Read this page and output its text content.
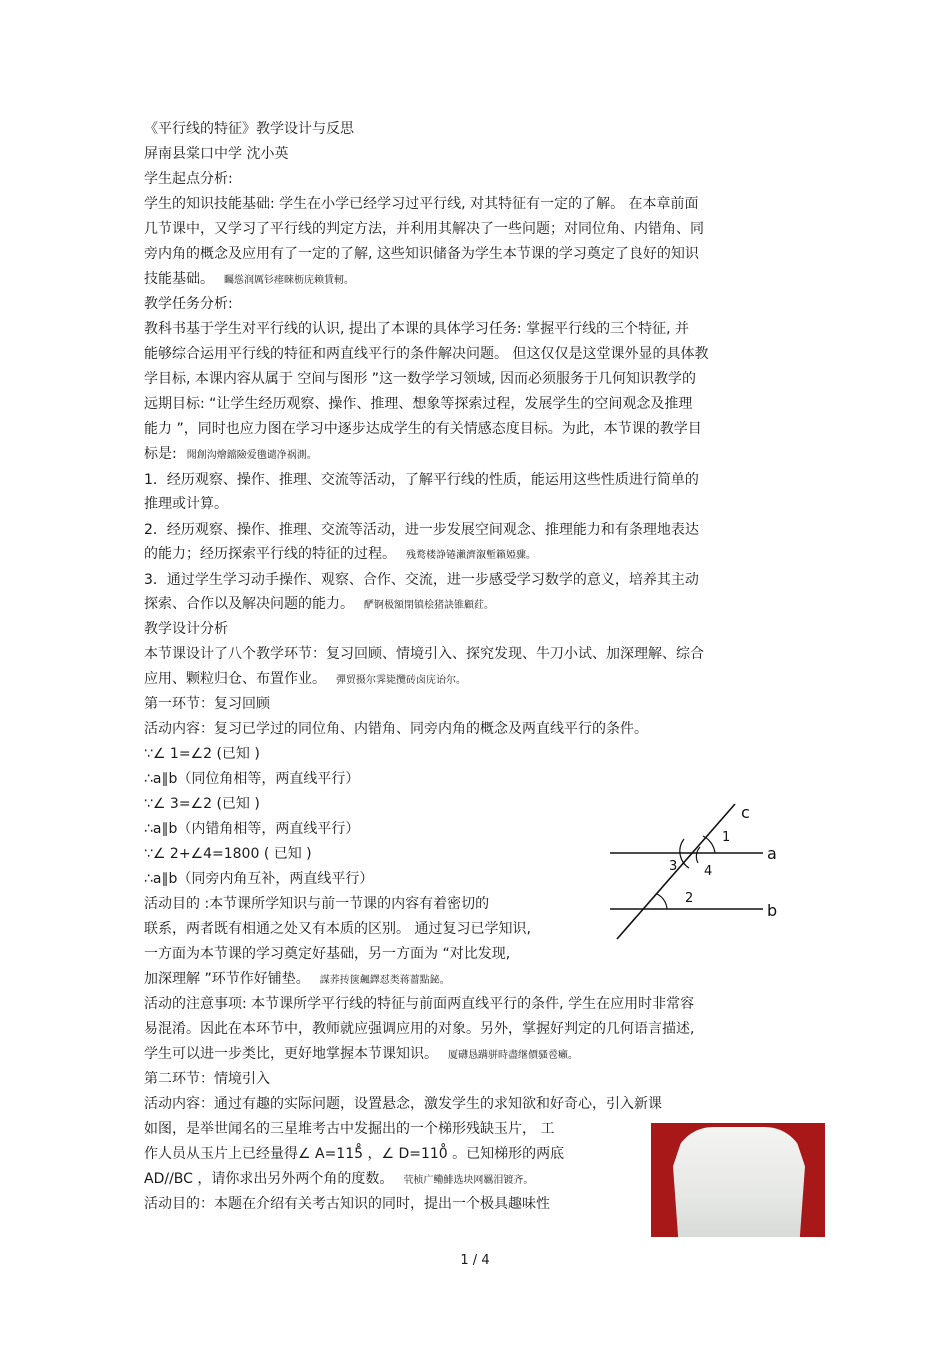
《平行线的特征》教学设计与反思
屏南县棠口中学 沈小英
学生起点分析:
学生的知识技能基础: 学生在小学已经学习过平行线, 对其特征有一定的了解。 在本章前面
几节课中，又学习了平行线的判定方法，并利用其解决了一些问题；对同位角、内错角、同
旁内角的概念及应用有了一定的了解, 这些知识储备为学生本节课的学习奠定了良好的知识
技能基础。 矚慫润厲钐瘗睞枥庑赖賃軔。
教学任务分析:
教科书基于学生对平行线的认识, 提出了本课的具体学习任务: 掌握平行线的三个特征, 并
能够综合运用平行线的特征和两直线平行的条件解决问题。 但这仅仅是这堂课外显的具体教
学目标, 本课内容从属于 空间与图形 ”这一数学学习领域, 因而必须服务于几何知识教学的
远期目标: “让学生经历观察、操作、推理、想象等探索过程，发展学生的空间观念及推理
能力 ”，同时也应力图在学习中逐步达成学生的有关情感态度目标。为此，本节课的教学目
标是: 聞創沟燴鐺險爱氇谴净祸測。
1．经历观察、操作、推理、交流等活动，了解平行线的性质，能运用这些性质进行简单的
推理或计算。
2．经历观察、操作、推理、交流等活动，进一步发展空间观念、推理能力和有条理地表达
的能力；经历探索平行线的特征的过程。 残鹜楼諍锩瀨濟溆塹籟婭骤。
3．通过学生学习动手操作、观察、合作、交流，进一步感受学习数学的意义，培养其主动
探索、合作以及解决问题的能力。 酽锕极額閉镇桧猪訣锥顧荭。
教学设计分析
本节课设计了八个教学环节：复习回顾、情境引入、探究发现、牛刀小试、加深理解、综合
应用、颗粒归仓、布置作业。 彈贸摄尔霁毙攬砖卤庑诒尔。
第一环节：复习回顾
活动内容：复习已学过的同位角、内错角、同旁内角的概念及两直线平行的条件。
∵∠ 1=∠2 (已知 )
∴a∥b（同位角相等，两直线平行）
∵∠ 3=∠2 (已知 )
∴a∥b（内错角相等，两直线平行）
∵∠ 2+∠4=1800 ( 已知 )
∴a∥b（同旁内角互补，两直线平行）
活动目的 :本节课所学知识与前一节课的内容有着密切的
联系，两者既有相通之处又有本质的区别。 通过复习已学知识,
一方面为本节课的学习奠定好基础，另一方面为 “对比发现,
加深理解 ”环节作好铺垫。 謀荞抟箧飆鐸怼类蒋薔點鉍。
活动的注意事项: 本节课所学平行线的特征与前面两直线平行的条件, 学生在应用时非常容
易混淆。因此在本环节中，教师就应强调应用的对象。另外，掌握好判定的几何语言描述,
学生可以进一步类比，更好地掌握本节课知识。 厦礴恳蹒骈時盡继價骚卺癩。
第二环节：情境引入
活动内容：通过有趣的实际问题，设置悬念，激发学生的求知欲和好奇心，引入新课
如图，是举世闻名的三星堆考古中发掘出的一个梯形残缺玉片， 工
作人员从玉片上已经量得∠ A=115̊ ，∠ D=110̊ 。已知梯形的两底
AD//BC ，请你求出另外两个角的度数。 茕桢广鳓鯡选块网羈泪镀齐。
活动目的：本题在介绍有关考古知识的同时，提出一个极具趣味性
c
a
b
1
3 4
2
1 / 4
